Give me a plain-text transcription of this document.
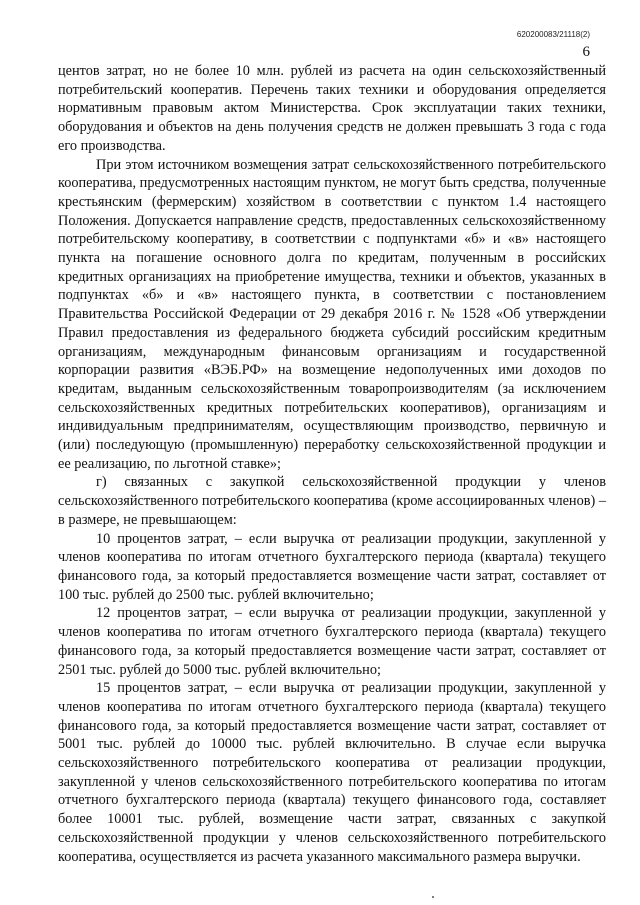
620200083/21118(2)
6

центов затрат, но не более 10 млн. рублей из расчета на один сельскохозяйственный потребительский кооператив. Перечень таких техники и оборудования определяется нормативным правовым актом Министерства. Срок эксплуатации таких техники, оборудования и объектов на день получения средств не должен превышать 3 года с года его производства.

При этом источником возмещения затрат сельскохозяйственного потребительского кооператива, предусмотренных настоящим пунктом, не могут быть средства, полученные крестьянским (фермерским) хозяйством в соответствии с пунктом 1.4 настоящего Положения. Допускается направление средств, предоставленных сельскохозяйственному потребительскому кооперативу, в соответствии с подпунктами «б» и «в» настоящего пункта на погашение основного долга по кредитам, полученным в российских кредитных организациях на приобретение имущества, техники и объектов, указанных в подпунктах «б» и «в» настоящего пункта, в соответствии с постановлением Правительства Российской Федерации от 29 декабря 2016 г. № 1528 «Об утверждении Правил предоставления из федерального бюджета субсидий российским кредитным организациям, международным финансовым организациям и государственной корпорации развития «ВЭБ.РФ» на возмещение недополученных ими доходов по кредитам, выданным сельскохозяйственным товаропроизводителям (за исключением сельскохозяйственных кредитных потребительских кооперативов), организациям и индивидуальным предпринимателям, осуществляющим производство, первичную и (или) последующую (промышленную) переработку сельскохозяйственной продукции и ее реализацию, по льготной ставке»;

г) связанных с закупкой сельскохозяйственной продукции у членов сельскохозяйственного потребительского кооператива (кроме ассоциированных членов) – в размере, не превышающем:

10 процентов затрат, – если выручка от реализации продукции, закупленной у членов кооператива по итогам отчетного бухгалтерского периода (квартала) текущего финансового года, за который предоставляется возмещение части затрат, составляет от 100 тыс. рублей до 2500 тыс. рублей включительно;

12 процентов затрат, – если выручка от реализации продукции, закупленной у членов кооператива по итогам отчетного бухгалтерского периода (квартала) текущего финансового года, за который предоставляется возмещение части затрат, составляет от 2501 тыс. рублей до 5000 тыс. рублей включительно;

15 процентов затрат, – если выручка от реализации продукции, закупленной у членов кооператива по итогам отчетного бухгалтерского периода (квартала) текущего финансового года, за который предоставляется возмещение части затрат, составляет от 5001 тыс. рублей до 10000 тыс. рублей включительно. В случае если выручка сельскохозяйственного потребительского кооператива от реализации продукции, закупленной у членов сельскохозяйственного потребительского кооператива по итогам отчетного бухгалтерского периода (квартала) текущего финансового года, составляет более 10001 тыс. рублей, возмещение части затрат, связанных с закупкой сельскохозяйственной продукции у членов сельскохозяйственного потребительского кооператива, осуществляется из расчета указанного максимального размера выручки.
